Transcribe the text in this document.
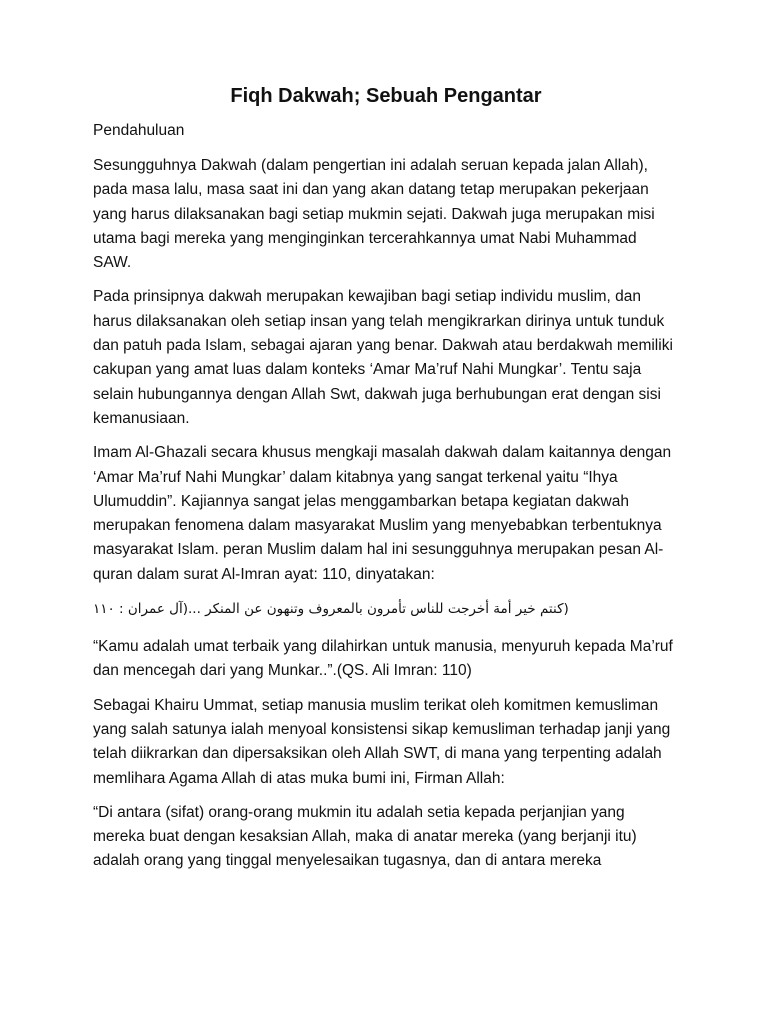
Fiqh Dakwah; Sebuah Pengantar

Pendahuluan

Sesungguhnya Dakwah (dalam pengertian ini adalah seruan kepada jalan Allah), pada masa lalu, masa saat ini dan yang akan datang tetap merupakan pekerjaan yang harus dilaksanakan bagi setiap mukmin sejati. Dakwah juga merupakan misi utama bagi mereka yang menginginkan tercerahkannya umat Nabi Muhammad SAW.

Pada prinsipnya dakwah merupakan kewajiban bagi setiap individu muslim, dan harus dilaksanakan oleh setiap insan yang telah mengikrarkan dirinya untuk tunduk dan patuh pada Islam, sebagai ajaran yang benar. Dakwah atau berdakwah memiliki cakupan yang amat luas dalam konteks ‘Amar Ma’ruf Nahi Mungkar’. Tentu saja selain hubungannya dengan Allah Swt, dakwah juga berhubungan erat dengan sisi kemanusiaan.

Imam Al-Ghazali secara khusus mengkaji masalah dakwah dalam kaitannya dengan ‘Amar Ma’ruf Nahi Mungkar’ dalam kitabnya yang sangat terkenal yaitu “Ihya Ulumuddin”. Kajiannya sangat jelas menggambarkan betapa kegiatan dakwah merupakan fenomena dalam masyarakat Muslim yang menyebabkan terbentuknya masyarakat Islam. peran Muslim dalam hal ini sesungguhnya merupakan pesan Al-quran dalam surat Al-Imran ayat: 110, dinyatakan:

(كنتم خير أمة أخرجت للناس تأمرون بالمعروف وتنهون عن المنكر ...(آل عمران : ١١٠

“Kamu adalah umat terbaik yang dilahirkan untuk manusia, menyuruh kepada Ma’ruf dan mencegah dari yang Munkar..”.(QS. Ali Imran: 110)

Sebagai Khairu Ummat, setiap manusia muslim terikat oleh komitmen kemusliman yang salah satunya ialah menyoal konsistensi sikap kemusliman terhadap janji yang telah diikrarkan dan dipersaksikan oleh Allah SWT, di mana yang terpenting adalah memlihara Agama Allah di atas muka bumi ini, Firman Allah:

“Di antara (sifat) orang-orang mukmin itu adalah setia kepada perjanjian yang mereka buat dengan kesaksian Allah, maka di anatar mereka (yang berjanji itu) adalah orang yang tinggal menyelesaikan tugasnya, dan di antara mereka
